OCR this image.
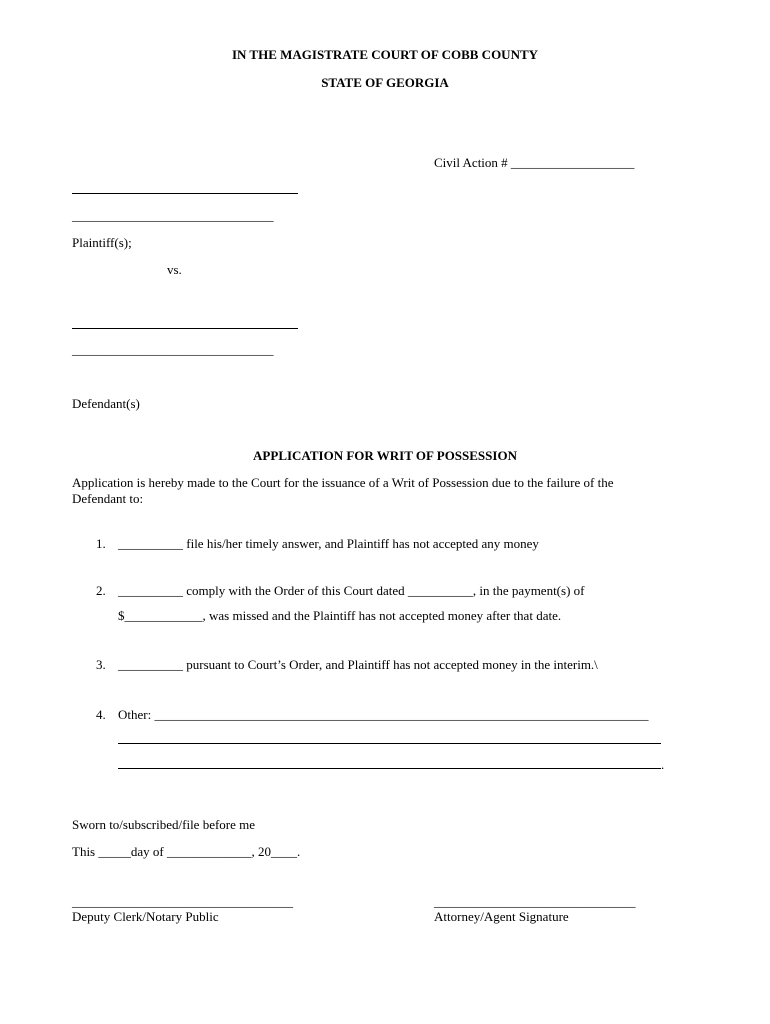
IN THE MAGISTRATE COURT OF COBB COUNTY
STATE OF GEORGIA
Civil Action # ___________________
_______________________________
Plaintiff(s);
vs.
_______________________________
Defendant(s)
APPLICATION FOR WRIT OF POSSESSION
Application is hereby made to the Court for the issuance of a Writ of Possession due to the failure of the
Defendant to:
1. __________ file his/her timely answer, and Plaintiff has not accepted any money
2. __________ comply with the Order of this Court dated __________, in the payment(s) of
$____________, was missed and the Plaintiff has not accepted money after that date.
3. __________ pursuant to Court’s Order, and Plaintiff has not accepted money in the interim.\
4. Other: ____________________________________________________________________________
.
Sworn to/subscribed/file before me
This _____day of _____________, 20____.
__________________________________
Deputy Clerk/Notary Public
_______________________________
Attorney/Agent Signature
